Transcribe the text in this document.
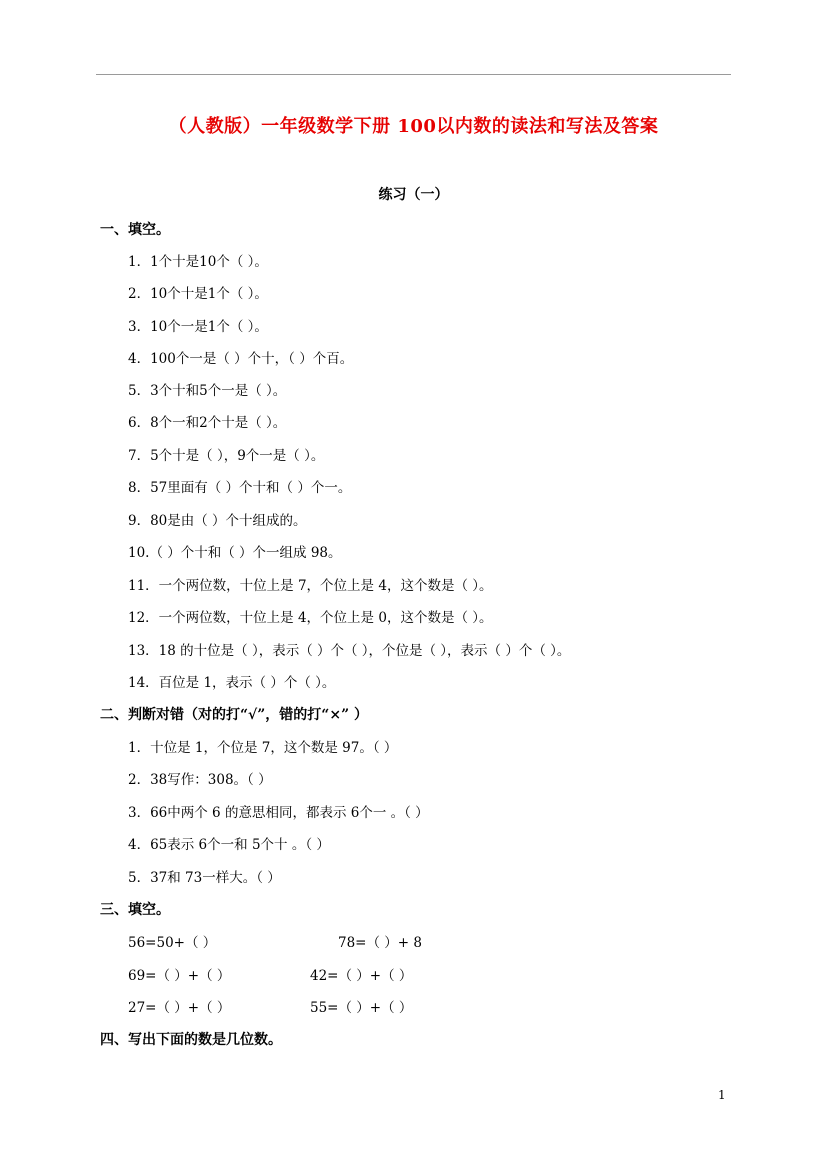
（人教版）一年级数学下册 100以内数的读法和写法及答案
练习（一）
一、填空。
1．1个十是10个（ ）。
2．10个十是1个（ ）。
3．10个一是1个（ ）。
4．100个一是（ ）个十，（ ）个百。
5．3个十和5个一是（ ）。
6．8个一和2个十是（ ）。
7．5个十是（ ），9个一是（ ）。
8．57里面有（ ）个十和（ ）个一。
9．80是由（ ）个十组成的。
10.（ ）个十和（ ）个一组成 98。
11．一个两位数，十位上是 7，个位上是 4，这个数是（ ）。
12．一个两位数，十位上是 4，个位上是 0，这个数是（ ）。
13．18 的十位是（ ），表示（ ）个（ ），个位是（ ），表示（ ）个（ ）。
14．百位是 1，表示（ ）个（ ）。
二、判断对错（对的打“√”，错的打“×” ）
1．十位是 1，个位是 7，这个数是 97。（ ）
2．38写作：308。（ ）
3．66中两个 6 的意思相同，都表示 6个一 。（ ）
4．65表示 6个一和 5个十 。（ ）
5．37和 73一样大。（ ）
三、填空。
56=50+（ ）	78=（ ）+ 8
69=（ ）+（ ）	42=（ ）+（ ）
27=（ ）+（ ）	55=（ ）+（ ）
四、写出下面的数是几位数。
1
